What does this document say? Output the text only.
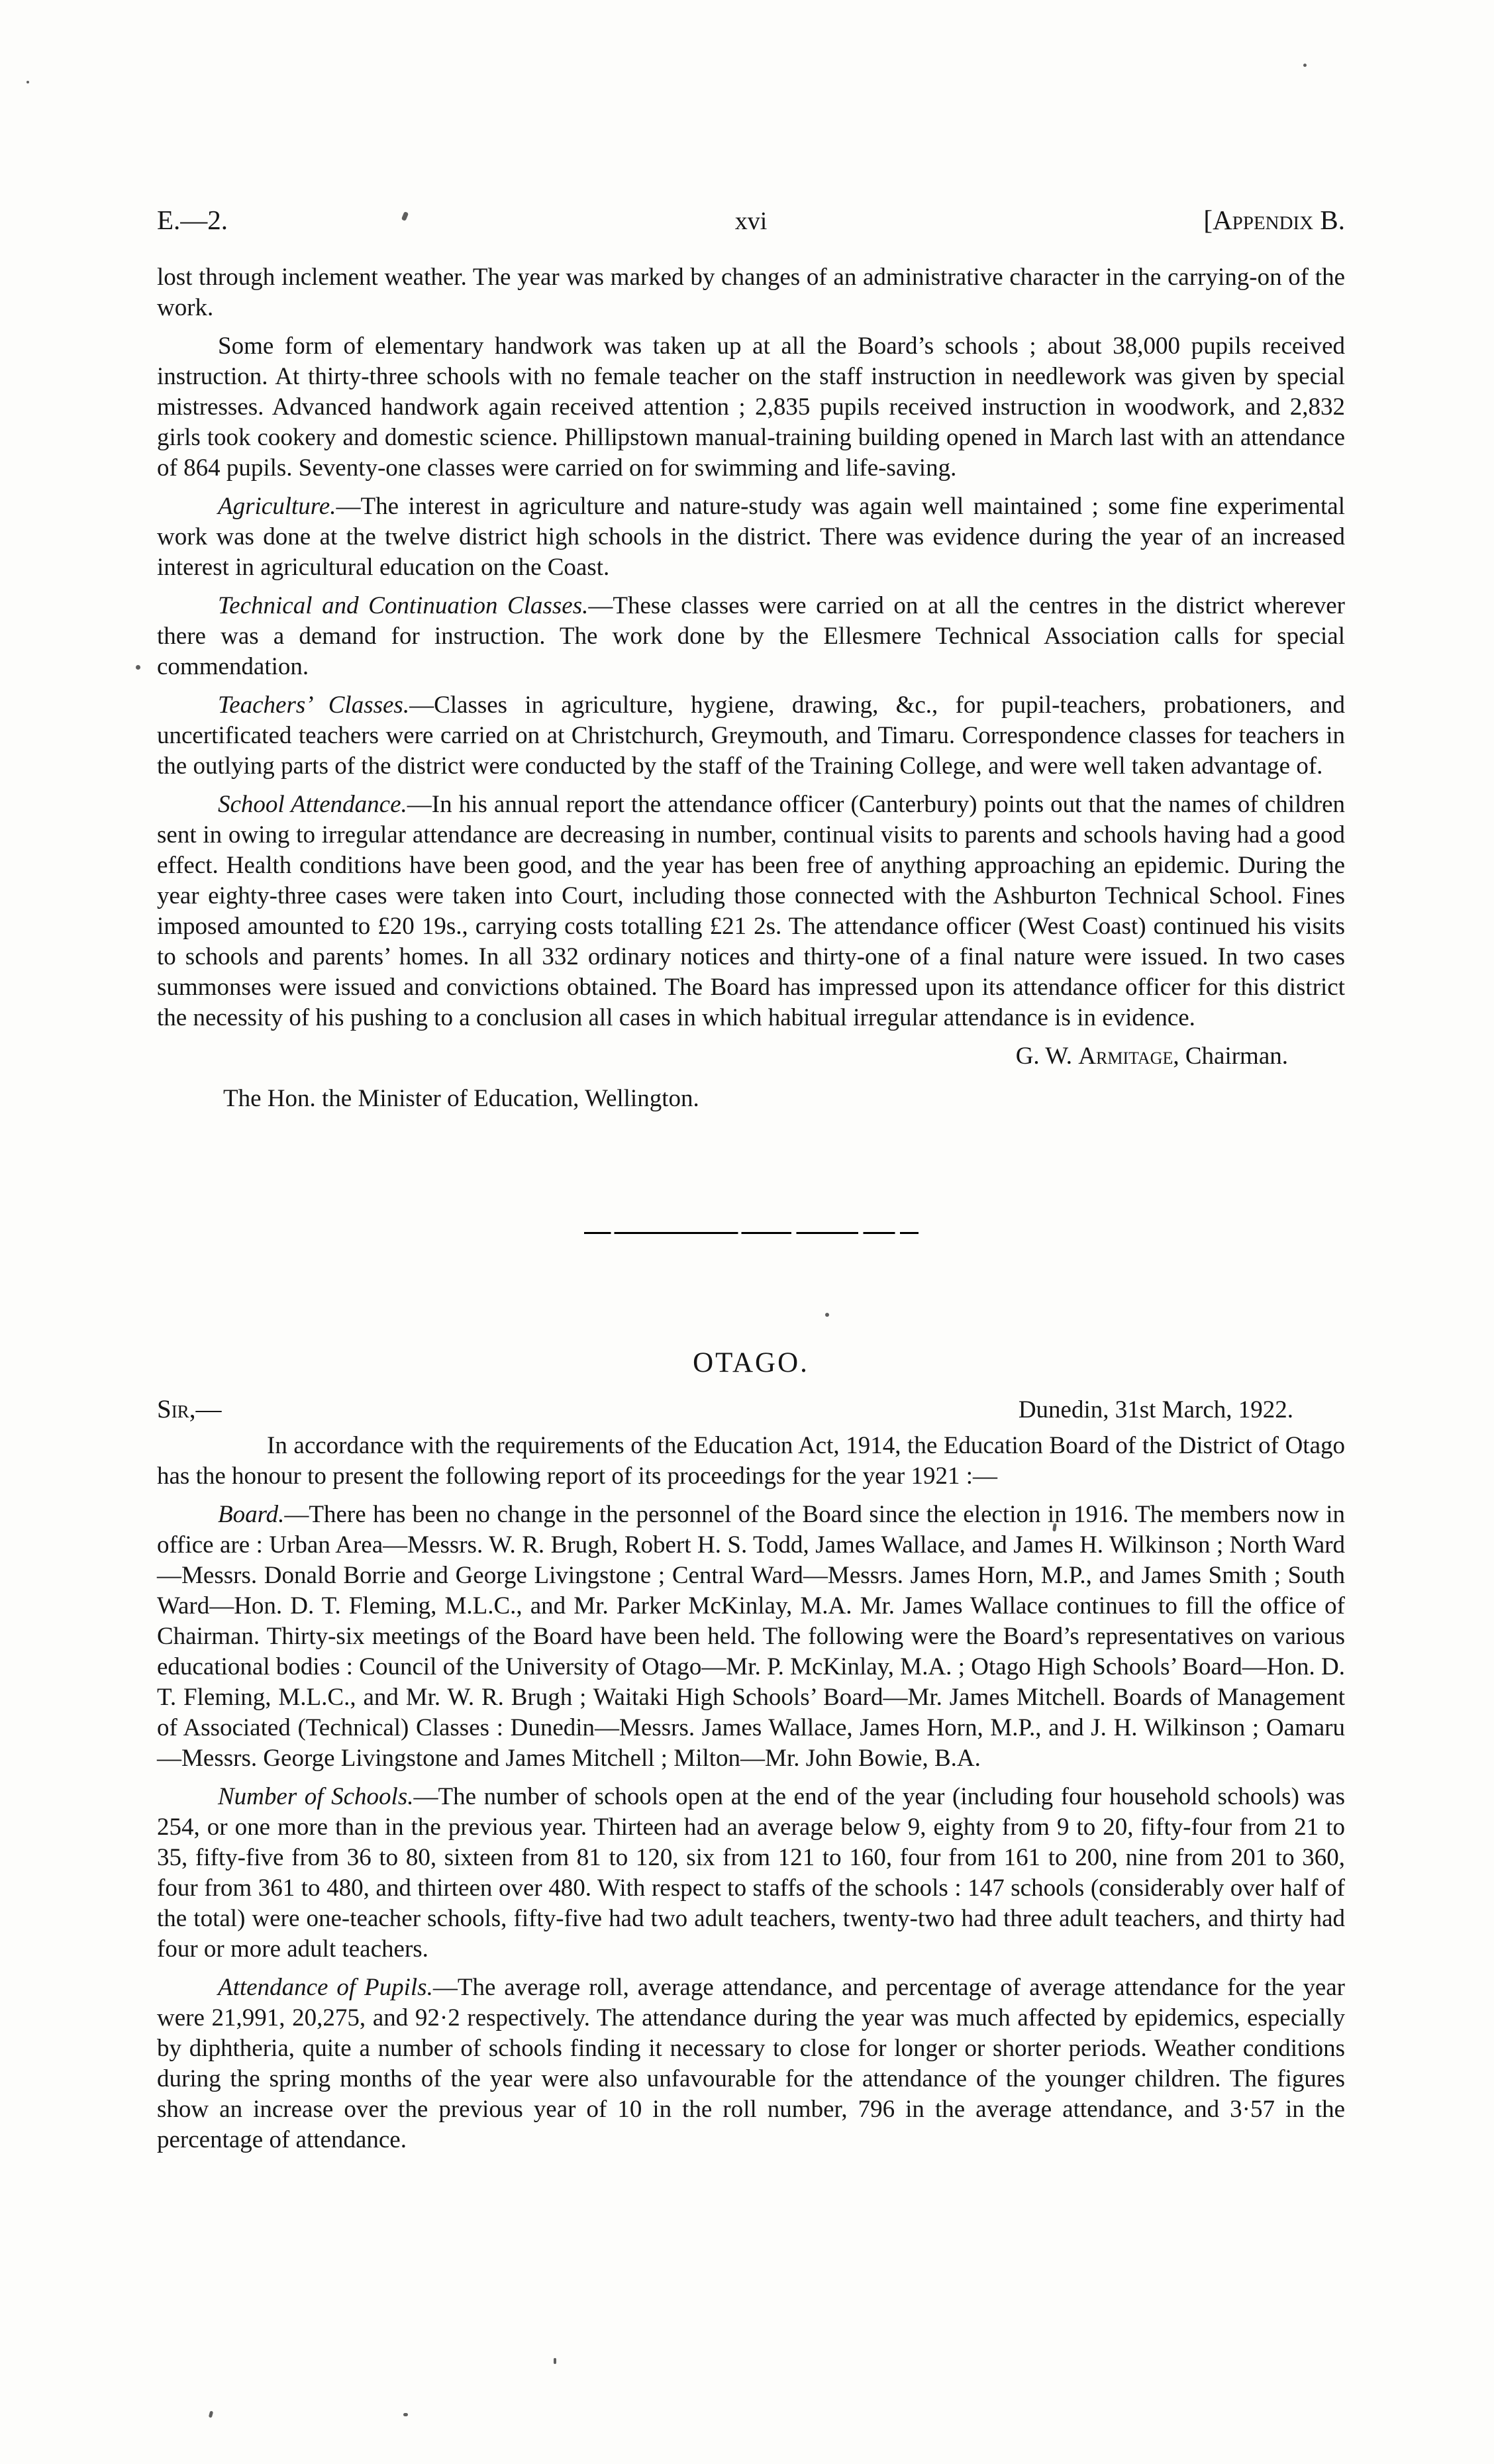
E.—2.	xvi	[Appendix B.

lost through inclement weather. The year was marked by changes of an administrative character in the carrying-on of the work.

Some form of elementary handwork was taken up at all the Board’s schools ; about 38,000 pupils received instruction. At thirty-three schools with no female teacher on the staff instruction in needlework was given by special mistresses. Advanced handwork again received attention ; 2,835 pupils received instruction in woodwork, and 2,832 girls took cookery and domestic science. Phillipstown manual-training building opened in March last with an attendance of 864 pupils. Seventy-one classes were carried on for swimming and life-saving.

Agriculture.—The interest in agriculture and nature-study was again well maintained ; some fine experimental work was done at the twelve district high schools in the district. There was evidence during the year of an increased interest in agricultural education on the Coast.

Technical and Continuation Classes.—These classes were carried on at all the centres in the district wherever there was a demand for instruction. The work done by the Ellesmere Technical Association calls for special commendation.

Teachers’ Classes.—Classes in agriculture, hygiene, drawing, &c., for pupil-teachers, probationers, and uncertificated teachers were carried on at Christchurch, Greymouth, and Timaru. Correspondence classes for teachers in the outlying parts of the district were conducted by the staff of the Training College, and were well taken advantage of.

School Attendance.—In his annual report the attendance officer (Canterbury) points out that the names of children sent in owing to irregular attendance are decreasing in number, continual visits to parents and schools having had a good effect. Health conditions have been good, and the year has been free of anything approaching an epidemic. During the year eighty-three cases were taken into Court, including those connected with the Ashburton Technical School. Fines imposed amounted to £20 19s., carrying costs totalling £21 2s. The attendance officer (West Coast) continued his visits to schools and parents’ homes. In all 332 ordinary notices and thirty-one of a final nature were issued. In two cases summonses were issued and convictions obtained. The Board has impressed upon its attendance officer for this district the necessity of his pushing to a conclusion all cases in which habitual irregular attendance is in evidence.

G. W. Armitage, Chairman.

The Hon. the Minister of Education, Wellington.

OTAGO.
Sir,—	Dunedin, 31st March, 1922.

In accordance with the requirements of the Education Act, 1914, the Education Board of the District of Otago has the honour to present the following report of its proceedings for the year 1921 :—

Board.—There has been no change in the personnel of the Board since the election in 1916. The members now in office are : Urban Area—Messrs. W. R. Brugh, Robert H. S. Todd, James Wallace, and James H. Wilkinson ; North Ward—Messrs. Donald Borrie and George Livingstone ; Central Ward—Messrs. James Horn, M.P., and James Smith ; South Ward—Hon. D. T. Fleming, M.L.C., and Mr. Parker McKinlay, M.A. Mr. James Wallace continues to fill the office of Chairman. Thirty-six meetings of the Board have been held. The following were the Board’s representatives on various educational bodies : Council of the University of Otago—Mr. P. McKinlay, M.A. ; Otago High Schools’ Board—Hon. D. T. Fleming, M.L.C., and Mr. W. R. Brugh ; Waitaki High Schools’ Board—Mr. James Mitchell. Boards of Management of Associated (Technical) Classes : Dunedin—Messrs. James Wallace, James Horn, M.P., and J. H. Wilkinson ; Oamaru—Messrs. George Livingstone and James Mitchell ; Milton—Mr. John Bowie, B.A.

Number of Schools.—The number of schools open at the end of the year (including four household schools) was 254, or one more than in the previous year. Thirteen had an average below 9, eighty from 9 to 20, fifty-four from 21 to 35, fifty-five from 36 to 80, sixteen from 81 to 120, six from 121 to 160, four from 161 to 200, nine from 201 to 360, four from 361 to 480, and thirteen over 480. With respect to staffs of the schools : 147 schools (considerably over half of the total) were one-teacher schools, fifty-five had two adult teachers, twenty-two had three adult teachers, and thirty had four or more adult teachers.

Attendance of Pupils.—The average roll, average attendance, and percentage of average attendance for the year were 21,991, 20,275, and 92·2 respectively. The attendance during the year was much affected by epidemics, especially by diphtheria, quite a number of schools finding it necessary to close for longer or shorter periods. Weather conditions during the spring months of the year were also unfavourable for the attendance of the younger children. The figures show an increase over the previous year of 10 in the roll number, 796 in the average attendance, and 3·57 in the percentage of attendance.
